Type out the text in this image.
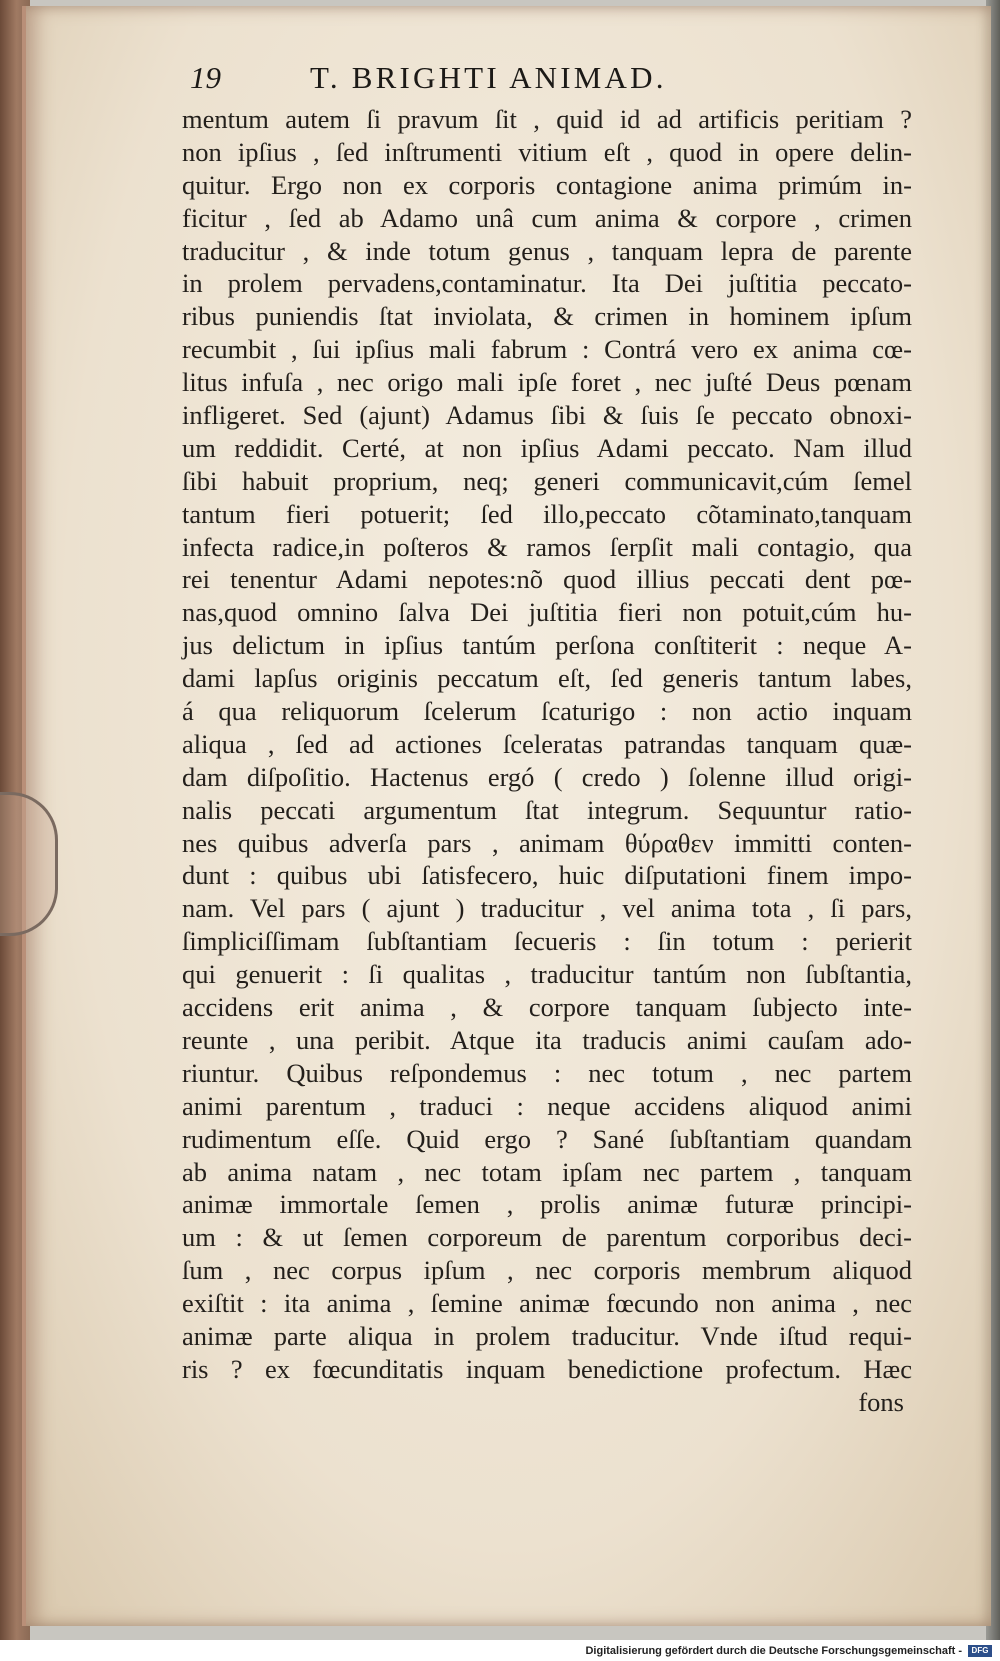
19	T. BRIGHTI ANIMAD.
mentum autem ſi pravum ſit , quid id ad artificis peritiam ?
non ipſius , ſed inſtrumenti vitium eſt , quod in opere delin-
quitur. Ergo non ex corporis contagione anima primúm in-
ficitur , ſed ab Adamo unâ cum anima & corpore , crimen
traducitur , & inde totum genus , tanquam lepra de parente
in prolem pervadens,contaminatur. Ita Dei juſtitia peccato-
ribus puniendis ſtat inviolata, & crimen in hominem ipſum
recumbit , ſui ipſius mali fabrum : Contrá vero ex anima cœ-
litus infuſa , nec origo mali ipſe foret , nec juſté Deus pœnam
infligeret. Sed (ajunt) Adamus ſibi & ſuis ſe peccato obnoxi-
um reddidit. Certé, at non ipſius Adami peccato. Nam illud
ſibi habuit proprium, neq; generi communicavit,cúm ſemel
tantum fieri potuerit; ſed illo,peccato cõtaminato,tanquam
infecta radice,in poſteros & ramos ſerpſit mali contagio, qua
rei tenentur Adami nepotes:nõ quod illius peccati dent pœ-
nas,quod omnino ſalva Dei juſtitia fieri non potuit,cúm hu-
jus delictum in ipſius tantúm perſona conſtiterit : neque A-
dami lapſus originis peccatum eſt, ſed generis tantum labes,
á qua reliquorum ſcelerum ſcaturigo : non actio inquam
aliqua , ſed ad actiones ſceleratas patrandas tanquam quæ-
dam diſpoſitio. Hactenus ergó ( credo ) ſolenne illud origi-
nalis peccati argumentum ſtat integrum. Sequuntur ratio-
nes quibus adverſa pars , animam θύραθεν immitti conten-
dunt : quibus ubi ſatisfecero, huic diſputationi finem impo-
nam. Vel pars ( ajunt ) traducitur , vel anima tota , ſi pars,
ſimpliciſſimam ſubſtantiam ſecueris : ſin totum : perierit
qui genuerit : ſi qualitas , traducitur tantúm non ſubſtantia,
accidens erit anima , & corpore tanquam ſubjecto inte-
reunte , una peribit. Atque ita traducis animi cauſam ado-
riuntur. Quibus reſpondemus : nec totum , nec partem
animi parentum , traduci : neque accidens aliquod animi
rudimentum eſſe. Quid ergo ? Sané ſubſtantiam quandam
ab anima natam , nec totam ipſam nec partem , tanquam
animæ immortale ſemen , prolis animæ futuræ principi-
um : & ut ſemen corporeum de parentum corporibus deci-
ſum , nec corpus ipſum , nec corporis membrum aliquod
exiſtit : ita anima , ſemine animæ fœcundo non anima , nec
animæ parte aliqua in prolem traducitur. Vnde iſtud requi-
ris ? ex fœcunditatis inquam benedictione profectum. Hæc
fons
Digitalisierung gefördert durch die Deutsche Forschungsgemeinschaft -	DFG
